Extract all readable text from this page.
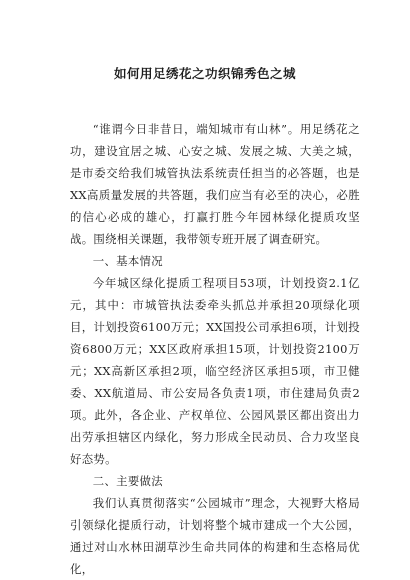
如何用足绣花之功织锦秀色之城

“谁谓今日非昔日，端知城市有山林”。用足绣花之功，建设宜居之城、心安之城、发展之城、大美之城，是市委交给我们城管执法系统责任担当的必答题，也是XX高质量发展的共答题，我们应当有必至的决心，必胜的信心必成的雄心，打赢打胜今年园林绿化提质攻坚战。围绕相关课题，我带领专班开展了调查研究。

一、基本情况

今年城区绿化提质工程项目53项，计划投资2.1亿元，其中：市城管执法委牵头抓总并承担20项绿化项目，计划投资6100万元；XX国投公司承担6项，计划投资6800万元；XX区政府承担15项，计划投资2100万元；XX高新区承担2项，临空经济区承担5项，市卫健委、XX航道局、市公安局各负责1项，市住建局负责2项。此外，各企业、产权单位、公园风景区都出资出力出劳承担辖区内绿化，努力形成全民动员、合力攻坚良好态势。

二、主要做法

我们认真贯彻落实“公园城市”理念，大视野大格局引领绿化提质行动，计划将整个城市建成一个大公园，通过对山水林田湖草沙生命共同体的构建和生态格局优化，
